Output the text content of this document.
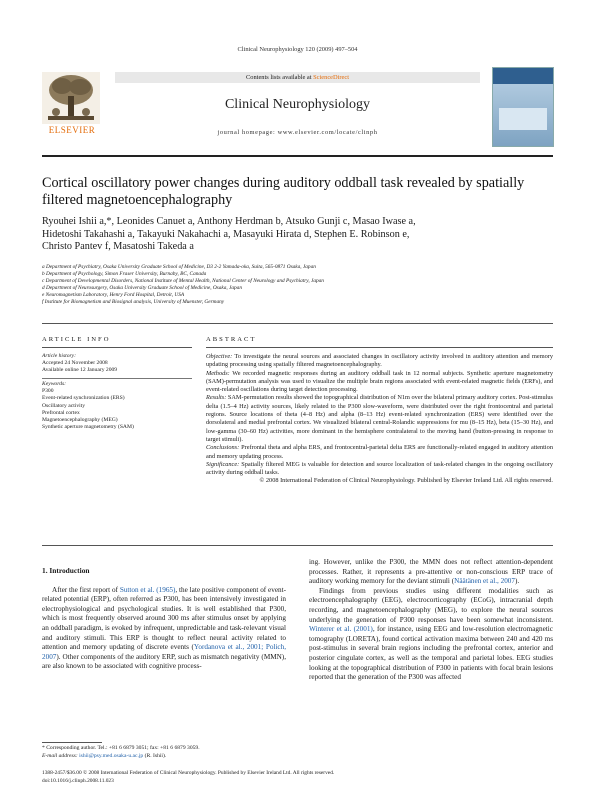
Clinical Neurophysiology 120 (2009) 497–504
ELSEVIER
Contents lists available at ScienceDirect
Clinical Neurophysiology
journal homepage: www.elsevier.com/locate/clinph
Cortical oscillatory power changes during auditory oddball task revealed by spatially filtered magnetoencephalography
Ryouhei Ishii a,*, Leonides Canuet a, Anthony Herdman b, Atsuko Gunji c, Masao Iwase a,
Hidetoshi Takahashi a, Takayuki Nakahachi a, Masayuki Hirata d, Stephen E. Robinson e,
Christo Pantev f, Masatoshi Takeda a
a Department of Psychiatry, Osaka University Graduate School of Medicine, D3 2-2 Yamada-oka, Suita, 565-0871 Osaka, Japan
b Department of Psychology, Simon Fraser University, Burnaby, BC, Canada
c Department of Developmental Disorders, National Institute of Mental Health, National Center of Neurology and Psychiatry, Japan
d Department of Neurosurgery, Osaka University Graduate School of Medicine, Osaka, Japan
e Neuromagnetism Laboratory, Henry Ford Hospital, Detroit, USA
f Institute for Biomagnetism and Biosignal analysis, University of Muenster, Germany
ARTICLE INFO	ABSTRACT
Article history:
Accepted 24 November 2008
Available online 12 January 2009
Keywords:
P300
Event-related synchronization (ERS)
Oscillatory activity
Prefrontal cortex
Magnetoencephalography (MEG)
Synthetic aperture magnetometry (SAM)

Objective: To investigate the neural sources and associated changes in oscillatory activity involved in auditory attention and memory updating processing using spatially filtered magnetoencephalography.

Methods: We recorded magnetic responses during an auditory oddball task in 12 normal subjects. Synthetic aperture magnetometry (SAM)-permutation analysis was used to visualize the multiple brain regions associated with event-related magnetic fields (ERFs), and event-related oscillations during target detection processing.

Results: SAM-permutation results showed the topographical distribution of N1m over the bilateral primary auditory cortex. Post-stimulus delta (1.5–4 Hz) activity sources, likely related to the P300 slow-waveform, were distributed over the right frontocentral and parietal regions. Source locations of theta (4–8 Hz) and alpha (8–13 Hz) event-related synchronization (ERS) were identified over the dorsolateral and medial prefrontal cortex. We visualized bilateral central-Rolandic suppressions for mu (8–15 Hz), beta (15–30 Hz), and low-gamma (30–60 Hz) activities, more dominant in the hemisphere contralateral to the moving hand (button-pressing in response to target stimuli).

Conclusions: Prefrontal theta and alpha ERS, and frontocentral-parietal delta ERS are functionally-related engaged in auditory attention and memory updating process.

Significance: Spatially filtered MEG is valuable for detection and source localization of task-related changes in the ongoing oscillatory activity during oddball tasks.

© 2008 International Federation of Clinical Neurophysiology. Published by Elsevier Ireland Ltd. All rights reserved.

1. Introduction

After the first report of Sutton et al. (1965), the late positive component of event-related potential (ERP), often referred as P300, has been intensively investigated in electrophysiological and psychological studies. It is well established that P300, which is most frequently observed around 300 ms after stimulus onset by applying an oddball paradigm, is evoked by infrequent, unpredictable and task-relevant visual and auditory stimuli. This ERP is thought to reflect neural activity related to attention and memory updating of discrete events (Yordanova et al., 2001; Polich, 2007). Other components of the auditory ERP, such as mismatch negativity (MMN), are also known to be associated with cognitive process-

ing. However, unlike the P300, the MMN does not reflect attention-dependent processes. Rather, it represents a pre-attentive or non-conscious ERP trace of auditory working memory for the deviant stimuli (Näätänen et al., 2007).

Findings from previous studies using different modalities such as electroencephalography (EEG), electrocorticography (ECoG), intracranial depth recording, and magnetoencephalography (MEG), to explore the neural sources underlying the generation of P300 responses have been somewhat inconsistent. Winterer et al. (2001), for instance, using EEG and low-resolution electromagnetic tomography (LORETA), found cortical activation maxima between 240 and 420 ms post-stimulus in several brain regions including the prefrontal cortex, anterior and posterior cingulate cortex, as well as the temporal and parietal lobes. EEG studies looking at the topographical distribution of P300 in patients with focal brain lesions reported that the generation of the P300 was affected

* Corresponding author. Tel.: +81 6 6879 3051; fax: +81 6 6879 3059.
E-mail address: ishii@psy.med.osaka-u.ac.jp (R. Ishii).
1388-2457/$36.00 © 2008 International Federation of Clinical Neurophysiology. Published by Elsevier Ireland Ltd. All rights reserved.
doi:10.1016/j.clinph.2008.11.023
